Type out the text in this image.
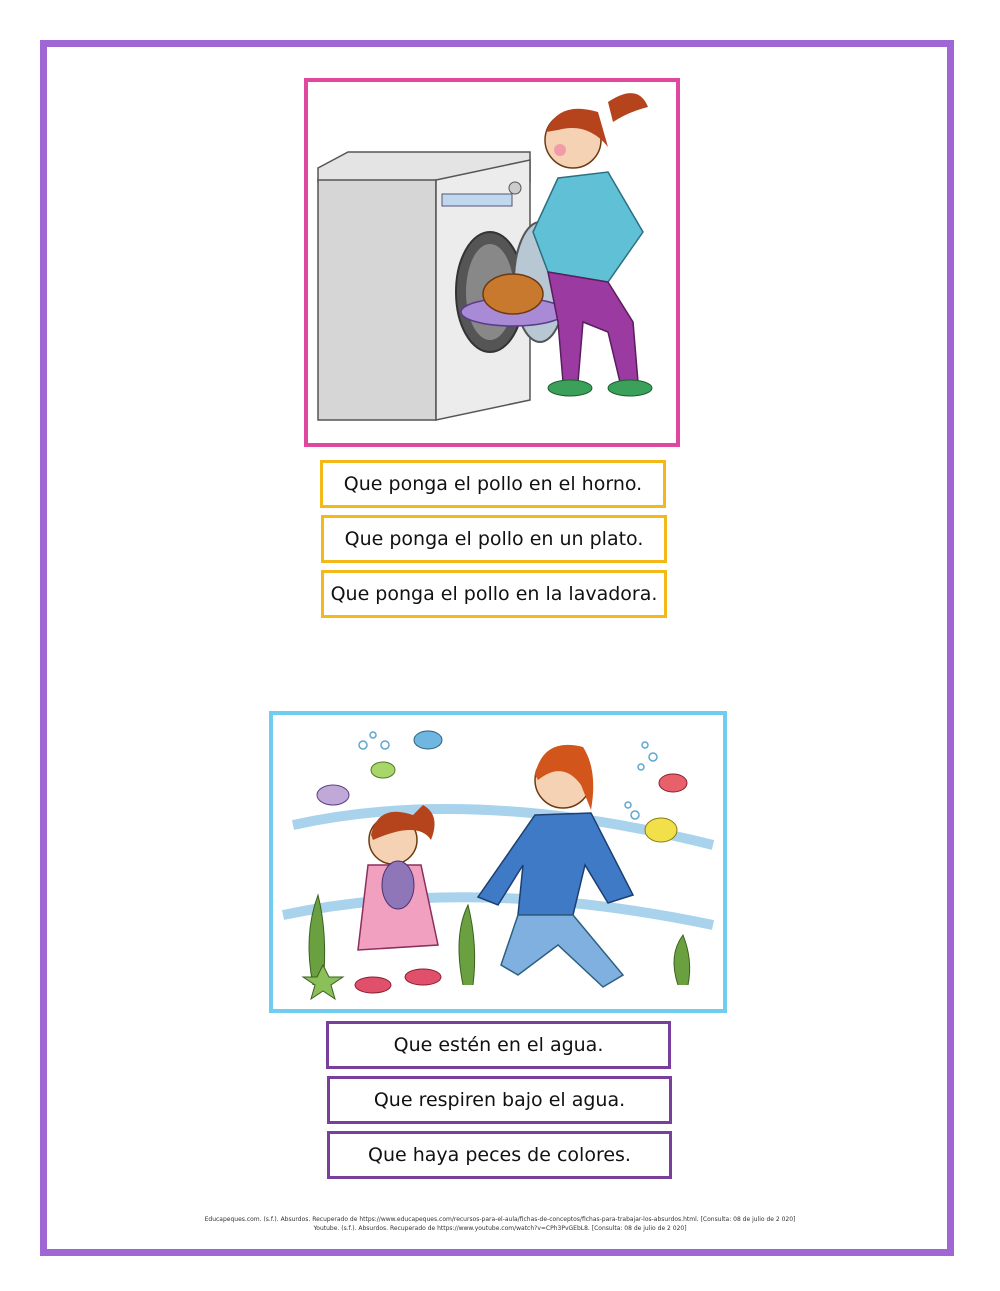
Que ponga el pollo en el horno.
Que ponga el pollo en un plato.
Que ponga el pollo en la lavadora.
Que estén en el agua.
Que respiren bajo el agua.
Que haya peces de colores.
Educapeques.com. (s.f.). Absurdos. Recuperado de https://www.educapeques.com/recursos-para-el-aula/fichas-de-conceptos/fichas-para-trabajar-los-absurdos.html. [Consulta: 08 de julio de 2 020]
Youtube. (s.f.). Absurdos. Recuperado de https://www.youtube.com/watch?v=CPh3PvGEbL8. [Consulta: 08 de julio de 2 020]
